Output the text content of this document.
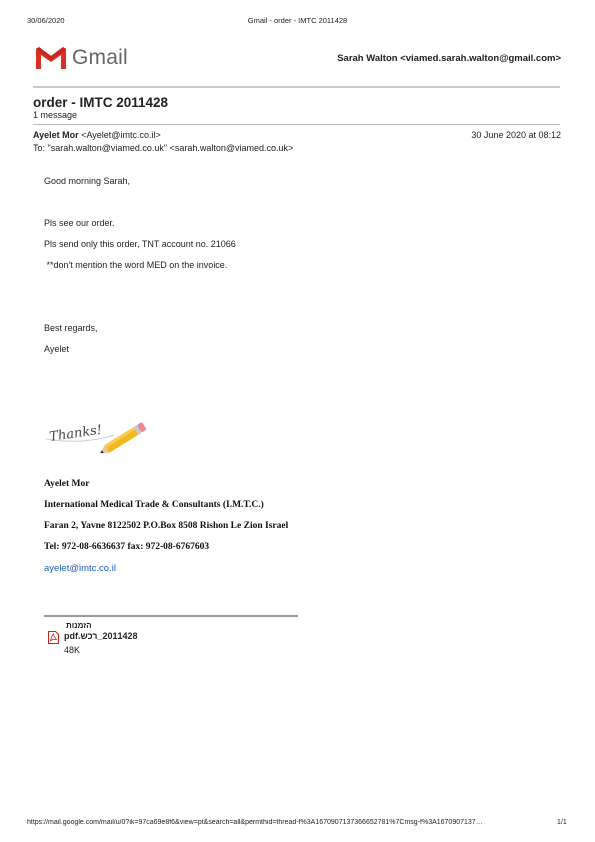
30/06/2020	Gmail - order - IMTC 2011428
Gmail	Sarah Walton <viamed.sarah.walton@gmail.com>
order - IMTC 2011428
1 message
Ayelet Mor <Ayelet@imtc.co.il>	30 June 2020 at 08:12
To: "sarah.walton@viamed.co.uk" <sarah.walton@viamed.co.uk>
Good morning Sarah,
Pls see our order.
Pls send only this order, TNT account no. 21066
**don't mention the word MED on the invoice.
Best regards,
Ayelet
Thanks!
Ayelet Mor
International Medical Trade & Consultants (I.M.T.C.)
Faran 2, Yavne 8122502 P.O.Box 8508 Rishon Le Zion Israel
Tel: 972-08-6636637 fax: 972-08-6767603
ayelet@imtc.co.il
הזמנות
2011428_רכש.pdf
48K
https://mail.google.com/mail/u/0?ik=97ca69e8f6&view=pt&search=all&permthid=thread-f%3A1670907137366652781%7Cmsg-f%3A1670907137…	1/1
